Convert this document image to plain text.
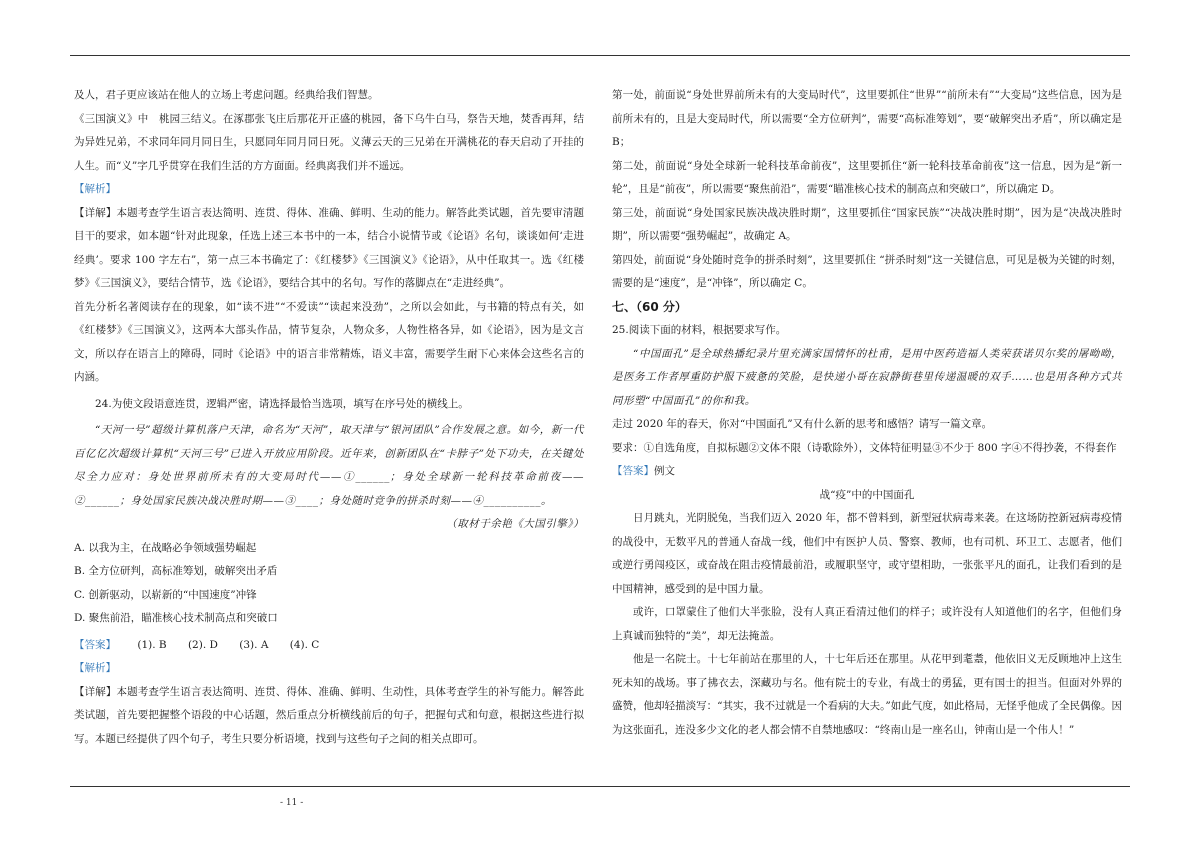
及人，君子更应该站在他人的立场上考虑问题。经典给我们智慧。

《三国演义》中　桃园三结义。在涿郡张飞庄后那花开正盛的桃园，备下乌牛白马，祭告天地，焚香再拜，结为异姓兄弟，不求同年同月同日生，只愿同年同月同日死。义薄云天的三兄弟在开满桃花的春天启动了开挂的人生。而“义”字几乎贯穿在我们生活的方方面面。经典离我们并不遥远。

【解析】

【详解】本题考查学生语言表达简明、连贯、得体、准确、鲜明、生动的能力。解答此类试题，首先要审清题目干的要求，如本题“针对此现象，任选上述三本书中的一本，结合小说情节或《论语》名句，谈谈如何‘走进经典’。要求 100 字左右”，第一点三本书确定了：《红楼梦》《三国演义》《论语》，从中任取其一。选《红楼梦》《三国演义》，要结合情节，选《论语》，要结合其中的名句。写作的落脚点在“走进经典”。

首先分析名著阅读存在的现象，如“读不进”“不爱读”“读起来没劲”，之所以会如此，与书籍的特点有关，如《红楼梦》《三国演义》，这两本大部头作品，情节复杂，人物众多，人物性格各异，如《论语》，因为是文言文，所以存在语言上的障碍，同时《论语》中的语言非常精炼，语义丰富，需要学生耐下心来体会这些名言的内涵。

24.为使文段语意连贯，逻辑严密，请选择最恰当选项，填写在序号处的横线上。

“天河一号”超级计算机落户天津，命名为“天河”，取天津与“银河团队”合作发展之意。如今，新一代百亿亿次超级计算机“天河三号”已进入开放应用阶段。近年来，创新团队在“卡脖子”处下功夫，在关键处尽全力应对：身处世界前所未有的大变局时代——①______；身处全球新一轮科技革命前夜——②______；身处国家民族决战决胜时期——③____；身处随时竞争的拼杀时刻——④__________。

（取材于余艳《大国引擎》）

A. 以我为主，在战略必争领域强势崛起

B. 全方位研判，高标准筹划，破解突出矛盾

C. 创新驱动，以崭新的“中国速度”冲锋

D. 聚焦前沿，瞄准核心技术制高点和突破口

【答案】 (1). B (2). D (3). A (4). C

【解析】

【详解】本题考查学生语言表达简明、连贯、得体、准确、鲜明、生动性，具体考查学生的补写能力。解答此类试题，首先要把握整个语段的中心话题，然后重点分析横线前后的句子，把握句式和句意，根据这些进行拟写。本题已经提供了四个句子，考生只要分析语境，找到与这些句子之间的相关点即可。

第一处，前面说“身处世界前所未有的大变局时代”，这里要抓住“世界”“前所未有”“大变局”这些信息，因为是前所未有的，且是大变局时代，所以需要“全方位研判”，需要“高标准筹划”，要“破解突出矛盾”，所以确定是 B；

第二处，前面说“身处全球新一轮科技革命前夜”，这里要抓住“新一轮科技革命前夜”这一信息，因为是“新一轮”，且是“前夜”，所以需要“聚焦前沿”，需要“瞄准核心技术的制高点和突破口”，所以确定 D。

第三处，前面说“身处国家民族决战决胜时期”，这里要抓住“国家民族”“决战决胜时期”，因为是“决战决胜时期”，所以需要“强势崛起”，故确定 A。

第四处，前面说“身处随时竞争的拼杀时刻”，这里要抓住 “拼杀时刻”这一关键信息，可见是极为关键的时刻，需要的是“速度”，是“冲锋”，所以确定 C。

七、（60 分）

25.阅读下面的材料，根据要求写作。

“中国面孔”是全球热播纪录片里充满家国情怀的杜甫，是用中医药造福人类荣获诺贝尔奖的屠呦呦，是医务工作者厚重防护服下疲惫的笑脸，是快递小哥在寂静街巷里传递温暖的双手……也是用各种方式共同形塑“中国面孔”的你和我。

走过 2020 年的春天，你对“中国面孔”又有什么新的思考和感悟？请写一篇文章。

要求：①自选角度，自拟标题②文体不限（诗歌除外），文体特征明显③不少于 800 字④不得抄袭，不得套作

【答案】例文

战“疫”中的中国面孔

日月跳丸，光阴脱兔，当我们迈入 2020 年，都不曾料到，新型冠状病毒来袭。在这场防控新冠病毒疫情的战役中，无数平凡的普通人奋战一线，他们中有医护人员、警察、教师，也有司机、环卫工、志愿者，他们或逆行勇闯疫区，或奋战在阻击疫情最前沿，或履职坚守，或守望相助，一张张平凡的面孔，让我们看到的是中国精神，感受到的是中国力量。

或许，口罩蒙住了他们大半张脸，没有人真正看清过他们的样子；或许没有人知道他们的名字，但他们身上真诚而独特的“美”，却无法掩盖。

他是一名院士。十七年前站在那里的人，十七年后还在那里。从花甲到耄耋，他依旧义无反顾地冲上这生死未知的战场。事了拂衣去，深藏功与名。他有院士的专业，有战士的勇猛，更有国士的担当。但面对外界的盛赞，他却轻描淡写：“其实，我不过就是一个看病的大夫。”如此气度，如此格局，无怪乎他成了全民偶像。因为这张面孔，连没多少文化的老人都会情不自禁地感叹：“终南山是一座名山，钟南山是一个伟人！”

- 11 -
